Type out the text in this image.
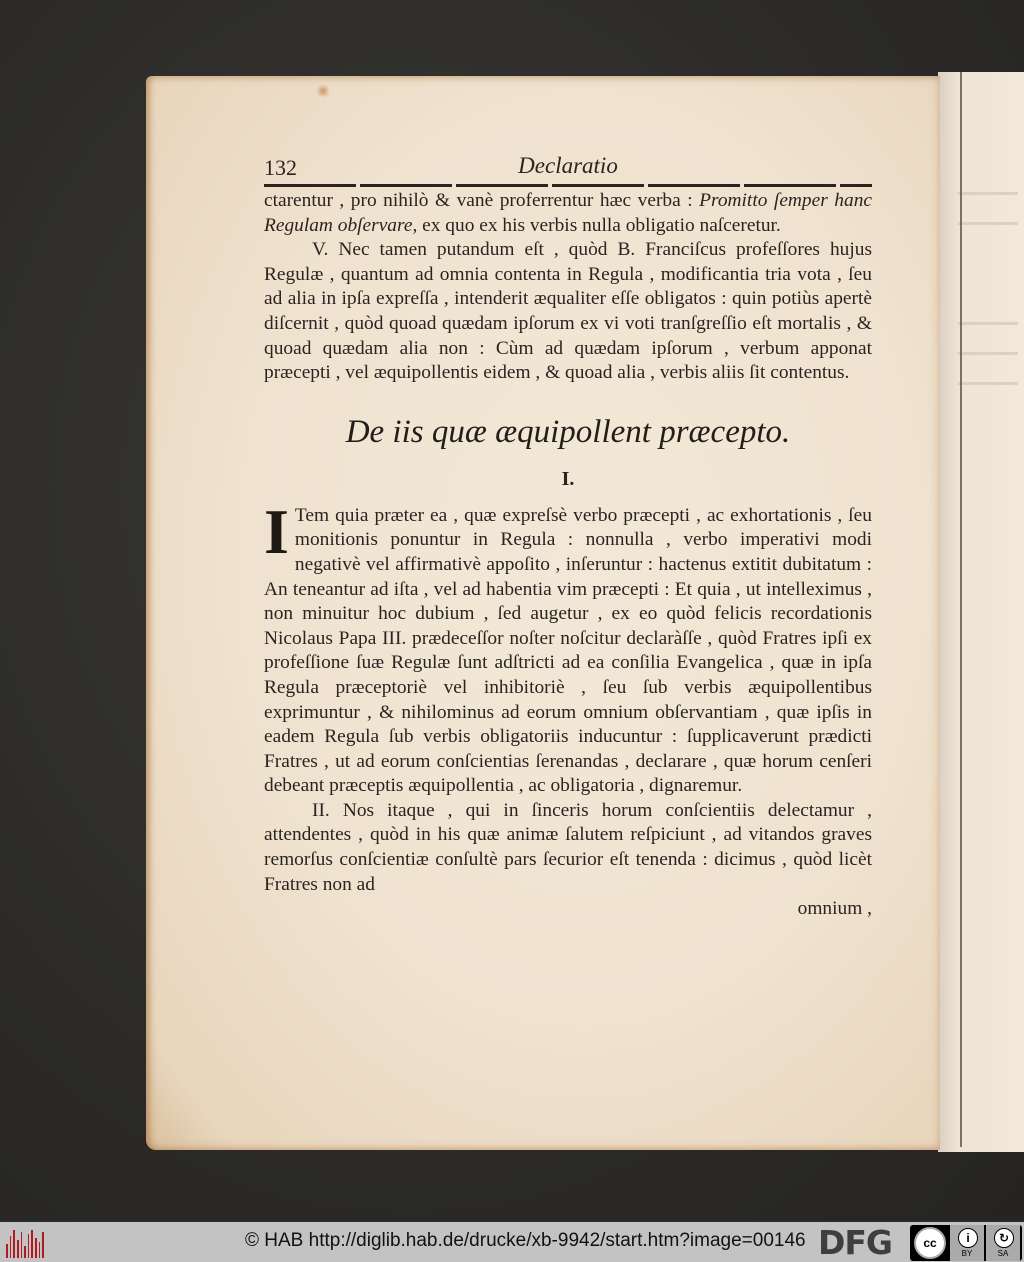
132	Declaratio

ctarentur , pro nihilò & vanè proferrentur hæc verba : Promitto ſemper hanc Regulam obſervare, ex quo ex his verbis nulla obligatio naſceretur.

V. Nec tamen putandum eſt , quòd B. Franciſcus profeſſores hujus Regulæ , quantum ad omnia contenta in Regula , modificantia tria vota , ſeu ad alia in ipſa expreſſa , intenderit æqualiter eſſe obligatos : quin potiùs apertè diſcernit , quòd quoad quædam ipſorum ex vi voti tranſgreſſio eſt mortalis , & quoad quædam alia non : Cùm ad quædam ipſorum , verbum apponat præcepti , vel æquipollentis eidem , & quoad alia , verbis aliis ſit contentus.

De iis quæ æquipollent præcepto.
I.

I Tem quia præter ea , quæ expreſsè verbo præcepti , ac exhortationis , ſeu monitionis ponuntur in Regula : nonnulla , verbo imperativi modi negativè vel affirmativè appoſito , inſeruntur : hactenus extitit dubitatum : An teneantur ad iſta , vel ad habentia vim præcepti : Et quia , ut intelleximus , non minuitur hoc dubium , ſed augetur , ex eo quòd felicis recordationis Nicolaus Papa III. prædeceſſor noſter noſcitur declaràſſe , quòd Fratres ipſi ex profeſſione ſuæ Regulæ ſunt adſtricti ad ea conſilia Evangelica , quæ in ipſa Regula præceptoriè vel inhibitoriè , ſeu ſub verbis æquipollentibus exprimuntur , & nihilominus ad eorum omnium obſervantiam , quæ ipſis in eadem Regula ſub verbis obligatoriis inducuntur : ſupplicaverunt prædicti Fratres , ut ad eorum conſcientias ſerenandas , declarare , quæ horum cenſeri debeant præceptis æquipollentia , ac obligatoria , dignaremur.

II. Nos itaque , qui in ſinceris horum conſcientiis delectamur , attendentes , quòd in his quæ animæ ſalutem reſpiciunt , ad vitandos graves remorſus conſcientiæ conſultè pars ſecurior eſt tenenda : dicimus , quòd licèt Fratres non ad

omnium ,

© HAB http://diglib.hab.de/drucke/xb-9942/start.htm?image=00146 DFG	cc	i
BY
↻
SA
